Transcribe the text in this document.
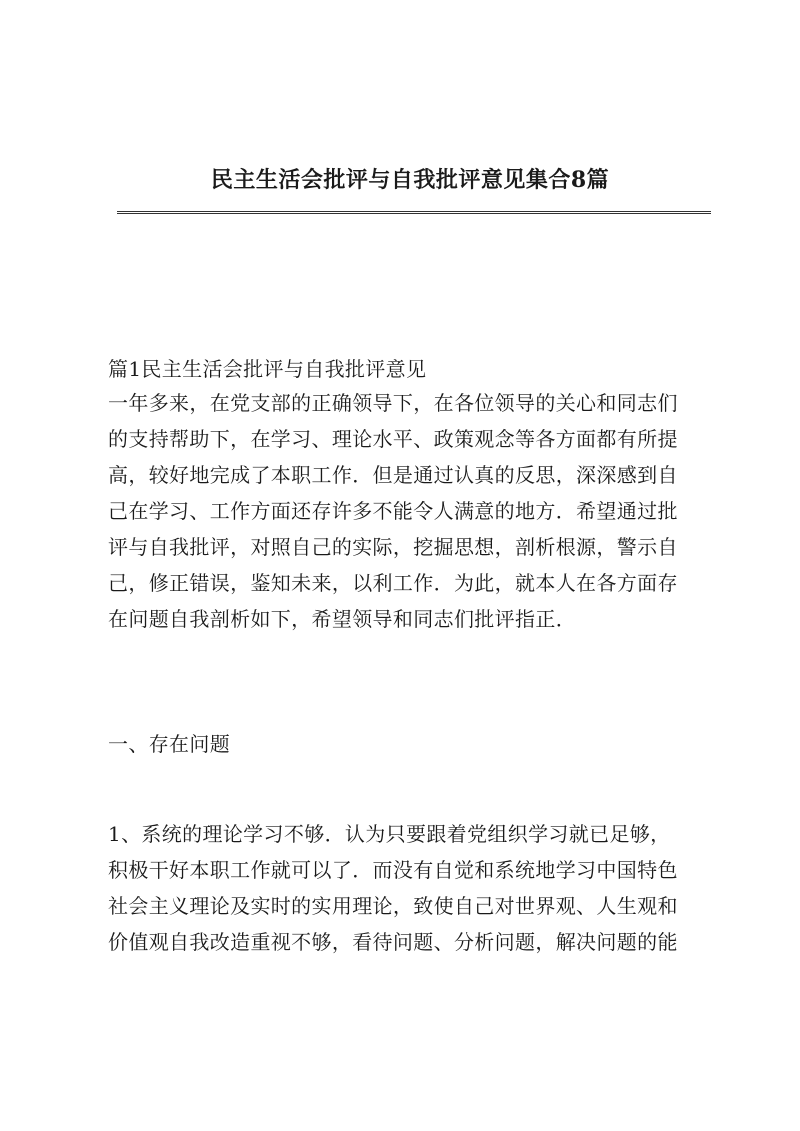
民主生活会批评与自我批评意见集合8篇

篇1民主生活会批评与自我批评意见

一年多来，在党支部的正确领导下，在各位领导的关心和同志们

的支持帮助下，在学习、理论水平、政策观念等各方面都有所提

高，较好地完成了本职工作．但是通过认真的反思，深深感到自

己在学习、工作方面还存许多不能令人满意的地方．希望通过批

评与自我批评，对照自己的实际，挖掘思想，剖析根源，警示自

己，修正错误，鉴知未来，以利工作．为此，就本人在各方面存

在问题自我剖析如下，希望领导和同志们批评指正．

一、存在问题

1、系统的理论学习不够．认为只要跟着党组织学习就已足够，

积极干好本职工作就可以了．而没有自觉和系统地学习中国特色

社会主义理论及实时的实用理论，致使自己对世界观、人生观和

价值观自我改造重视不够，看待问题、分析问题，解决问题的能
